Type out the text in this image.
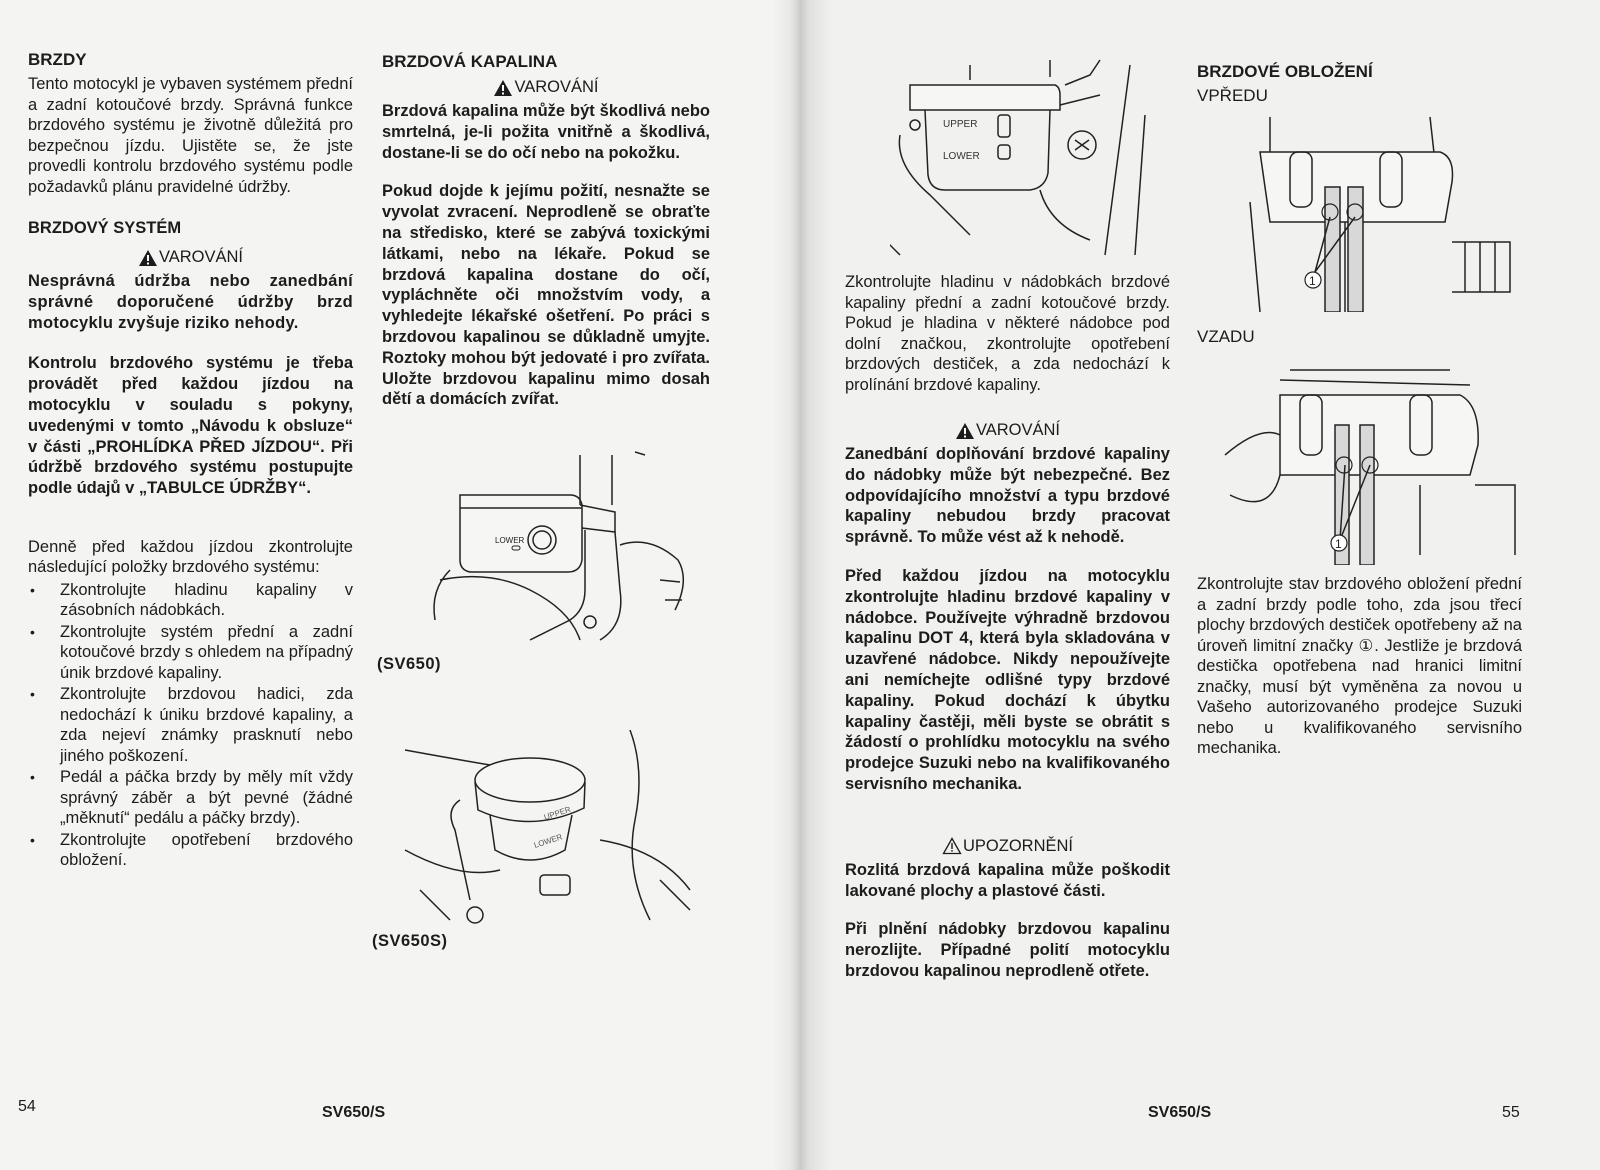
BRZDY
Tento motocykl je vybaven systémem přední a zadní kotoučové brzdy. Správná funkce brzdového systému je životně důležitá pro bezpečnou jízdu. Ujistěte se, že jste provedli kontrolu brzdového systému podle požadavků plánu pravidelné údržby.
BRZDOVÝ SYSTÉM
VAROVÁNÍ
Nesprávná údržba nebo zanedbání správné doporučené údržby brzd motocyklu zvyšuje riziko nehody.
Kontrolu brzdového systému je třeba provádět před každou jízdou na motocyklu v souladu s pokyny, uvedenými v tomto „Návodu k obsluze“ v části „PROHLÍDKA PŘED JÍZDOU“. Při údržbě brzdového systému postupujte podle údajů v „TABULCE ÚDRŽBY“.
Denně před každou jízdou zkontrolujte následující položky brzdového systému:
• Zkontrolujte hladinu kapaliny v zásobních nádobkách.
• Zkontrolujte systém přední a zadní kotoučové brzdy s ohledem na případný únik brzdové kapaliny.
• Zkontrolujte brzdovou hadici, zda nedochází k úniku brzdové kapaliny, a zda nejeví známky prasknutí nebo jiného poškození.
• Pedál a páčka brzdy by měly mít vždy správný záběr a být pevné (žádné „měknutí“ pedálu a páčky brzdy).
• Zkontrolujte opotřebení brzdového obložení.
BRZDOVÁ KAPALINA
VAROVÁNÍ
Brzdová kapalina může být škodlivá nebo smrtelná, je-li požita vnitřně a škodlivá, dostane-li se do očí nebo na pokožku.
Pokud dojde k jejímu požití, nesnažte se vyvolat zvracení. Neprodleně se obraťte na středisko, které se zabývá toxickými látkami, nebo na lékaře. Pokud se brzdová kapalina dostane do očí, vypláchněte oči množstvím vody, a vyhledejte lékařské ošetření. Po práci s brzdovou kapalinou se důkladně umyjte. Roztoky mohou být jedovaté i pro zvířata. Uložte brzdovou kapalinu mimo dosah dětí a domácích zvířat.
LOWER
(SV650)
UPPER
LOWER
(SV650S)
54	SV650/S
UPPER
LOWER
Zkontrolujte hladinu v nádobkách brzdové kapaliny přední a zadní kotoučové brzdy. Pokud je hladina v některé nádobce pod dolní značkou, zkontrolujte opotřebení brzdových destiček, a zda nedochází k prolínání brzdové kapaliny.
VAROVÁNÍ
Zanedbání doplňování brzdové kapaliny do nádobky může být nebezpečné. Bez odpovídajícího množství a typu brzdové kapaliny nebudou brzdy pracovat správně. To může vést až k nehodě.
Před každou jízdou na motocyklu zkontrolujte hladinu brzdové kapaliny v nádobce. Používejte výhradně brzdovou kapalinu DOT 4, která byla skladována v uzavřené nádobce. Nikdy nepoužívejte ani nemíchejte odlišné typy brzdové kapaliny. Pokud dochází k úbytku kapaliny častěji, měli byste se obrátit s žádostí o prohlídku motocyklu na svého prodejce Suzuki nebo na kvalifikovaného servisního mechanika.
UPOZORNĚNÍ
Rozlitá brzdová kapalina může poškodit lakované plochy a plastové části.
Při plnění nádobky brzdovou kapalinu nerozlijte. Případné polití motocyklu brzdovou kapalinou neprodleně otřete.
BRZDOVÉ OBLOŽENÍ
VPŘEDU
1
VZADU
1
Zkontrolujte stav brzdového obložení přední a zadní brzdy podle toho, zda jsou třecí plochy brzdových destiček opotřebeny až na úroveň limitní značky ①. Jestliže je brzdová destička opotřebena nad hranici limitní značky, musí být vyměněna za novou u Vašeho autorizovaného prodejce Suzuki nebo u kvalifikovaného servisního mechanika.
SV650/S	55
